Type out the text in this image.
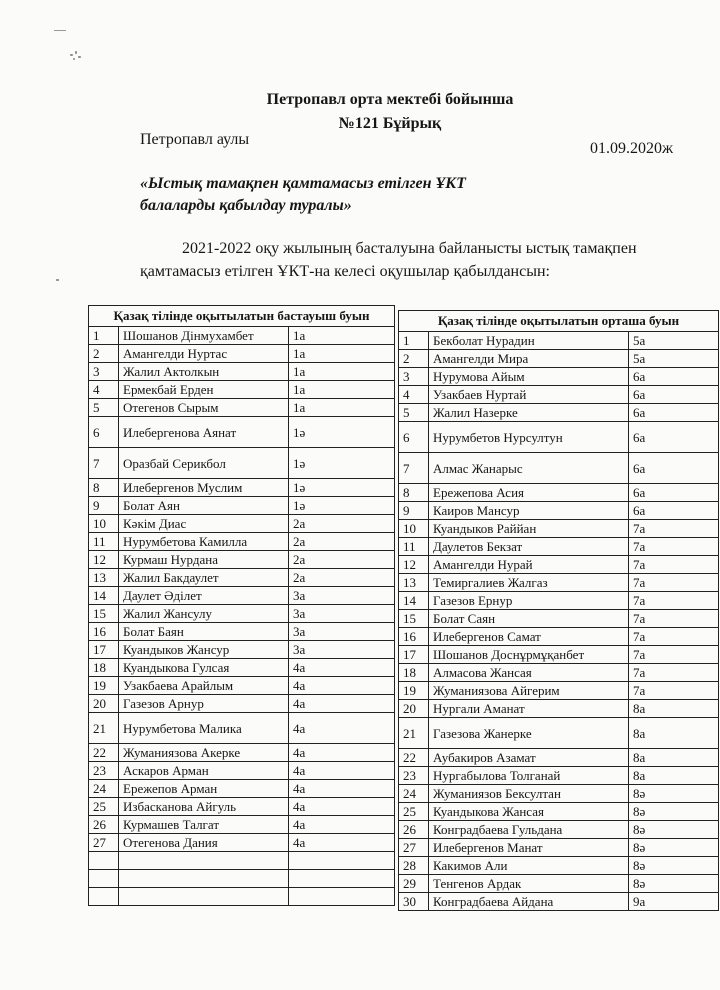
Петропавл орта мектебі бойынша
№121 Бұйрық
Петропавл аулы
01.09.2020ж
«Ыстық тамақпен қамтамасыз етілген ҰКТ балаларды қабылдау туралы»
2021-2022 оқу жылының басталуына байланысты ыстық тамақпен қамтамасыз етілген ҰКТ-на келесі оқушылар қабылдансын:
Қазақ тілінде оқытылатын бастауыш буын		
1	Шошанов Дінмухамбет	1а
2	Амангелди Нуртас	1а
3	Жалил Актолкын	1а
4	Ермекбай Ерден	1а
5	Отегенов Сырым	1а
6	Илебергенова Аянат	1ә
7	Оразбай Серикбол	1ә
8	Илебергенов Муслим	1ә
9	Болат Аян	1ә
10	Кәкім Диас	2а
11	Нурумбетова Камилла	2а
12	Курмаш Нурдана	2а
13	Жалил Бакдаулет	2а
14	Даулет Әділет	3а
15	Жалил Жансулу	3а
16	Болат Баян	3а
17	Куандыков Жансур	3а
18	Куандыкова Гулсая	4а
19	Узакбаева Арайлым	4а
20	Газезов Арнур	4а
21	Нурумбетова Малика	4а
22	Жуманиязова Акерке	4а
23	Аскаров Арман	4а
24	Ережепов Арман	4а
25	Избасканова Айгуль	4а
26	Курмашев Талгат	4а
27	Отегенова Дания	4а

Қазақ тілінде оқытылатын орташа буын		
1	Бекболат Нурадин	5а
2	Амангелди Мира	5а
3	Нурумова Айым	6а
4	Узакбаев Нуртай	6а
5	Жалил Назерке	6а
6	Нурумбетов Нурсултун	6а
7	Алмас Жанарыс	6а
8	Ережепова Асия	6а
9	Каиров Мансур	6а
10	Куандыков Раййан	7а
11	Даулетов Бекзат	7а
12	Амангелди Нурай	7а
13	Темиргалиев Жалгаз	7а
14	Газезов Ернур	7а
15	Болат Саян	7а
16	Илебергенов Самат	7а
17	Шошанов Доснұрмұқанбет	7а
18	Алмасова Жансая	7а
19	Жуманиязова Айгерим	7а
20	Нургали Аманат	8а
21	Газезова Жанерке	8а
22	Аубакиров Азамат	8а
23	Нургабылова Толганай	8а
24	Жуманиязов Бексултан	8ә
25	Куандыкова Жансая	8ә
26	Конградбаева Гульдана	8ә
27	Илебергенов Манат	8ә
28	Какимов Али	8ә
29	Тенгенов Ардак	8ә
30	Конградбаева Айдана	9а
